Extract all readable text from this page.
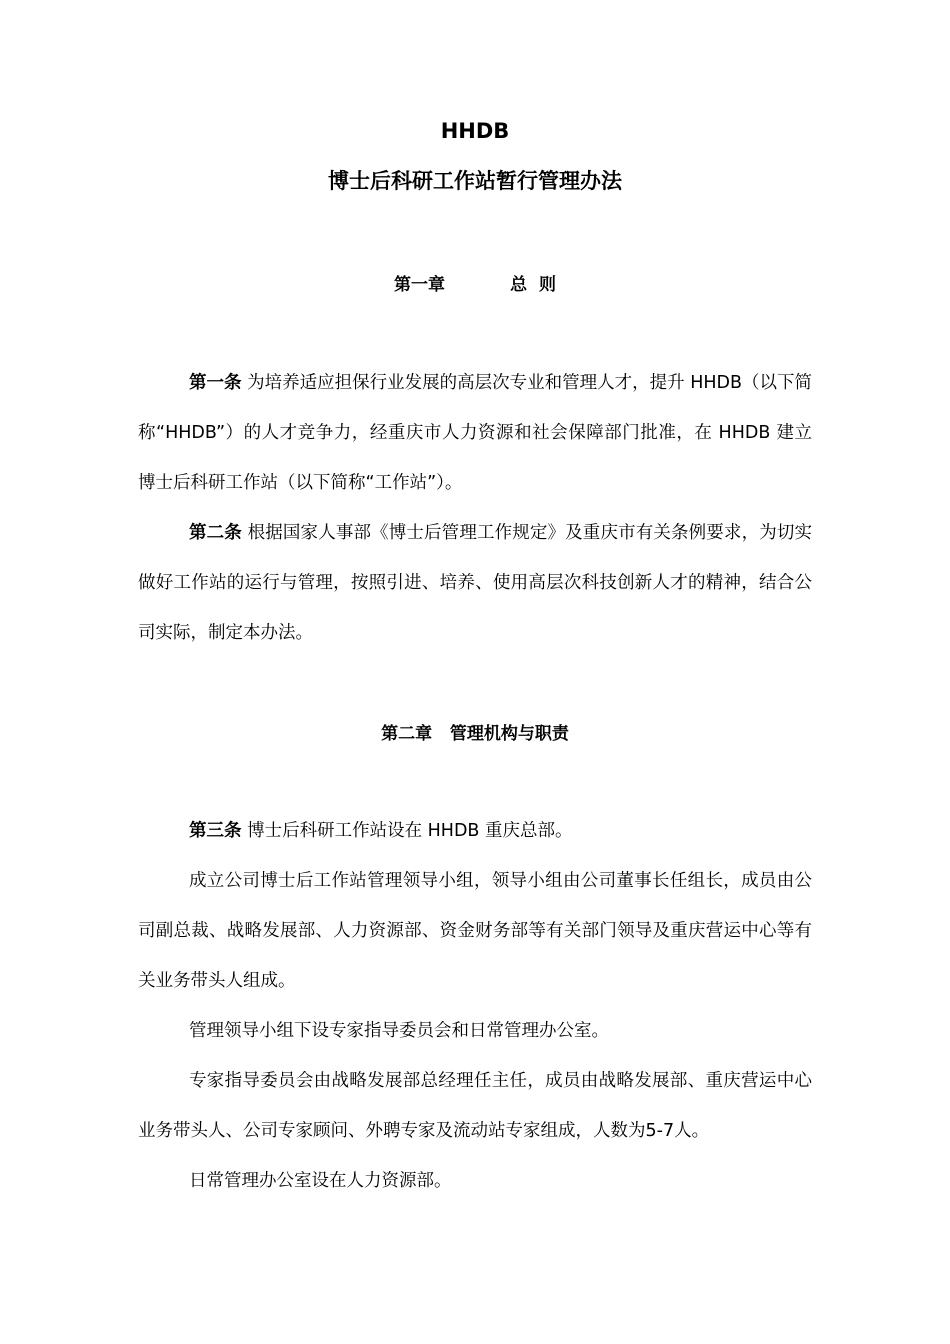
HHDB
博士后科研工作站暂行管理办法
第一章	总  则

第一条 为培养适应担保行业发展的高层次专业和管理人才，提升 HHDB（以下简称“HHDB”）的人才竞争力，经重庆市人力资源和社会保障部门批准，在 HHDB 建立博士后科研工作站（以下简称“工作站”）。

第二条 根据国家人事部《博士后管理工作规定》及重庆市有关条例要求，为切实做好工作站的运行与管理，按照引进、培养、使用高层次科技创新人才的精神，结合公司实际，制定本办法。

第二章 管理机构与职责

第三条 博士后科研工作站设在 HHDB 重庆总部。

成立公司博士后工作站管理领导小组，领导小组由公司董事长任组长，成员由公司副总裁、战略发展部、人力资源部、资金财务部等有关部门领导及重庆营运中心等有关业务带头人组成。

管理领导小组下设专家指导委员会和日常管理办公室。

专家指导委员会由战略发展部总经理任主任，成员由战略发展部、重庆营运中心业务带头人、公司专家顾问、外聘专家及流动站专家组成，人数为5-7人。

日常管理办公室设在人力资源部。
